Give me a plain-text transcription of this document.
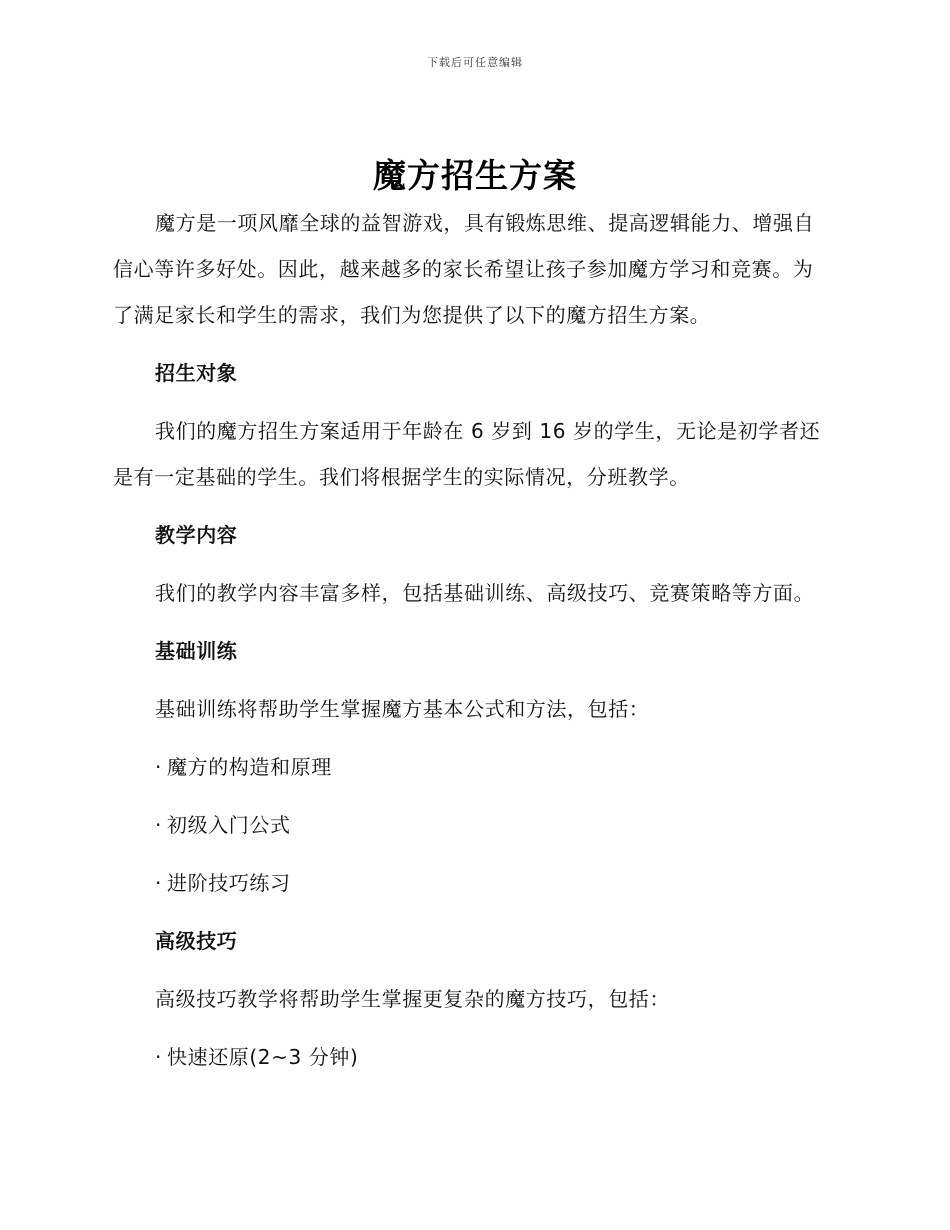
下载后可任意编辑
魔方招生方案

魔方是一项风靡全球的益智游戏，具有锻炼思维、提高逻辑能力、增强自信心等许多好处。因此，越来越多的家长希望让孩子参加魔方学习和竞赛。为了满足家长和学生的需求，我们为您提供了以下的魔方招生方案。

招生对象

我们的魔方招生方案适用于年龄在 6 岁到 16 岁的学生，无论是初学者还是有一定基础的学生。我们将根据学生的实际情况，分班教学。

教学内容

我们的教学内容丰富多样，包括基础训练、高级技巧、竞赛策略等方面。

基础训练

基础训练将帮助学生掌握魔方基本公式和方法，包括：

· 魔方的构造和原理

· 初级入门公式

· 进阶技巧练习

高级技巧

高级技巧教学将帮助学生掌握更复杂的魔方技巧，包括：

· 快速还原(2~3 分钟)
